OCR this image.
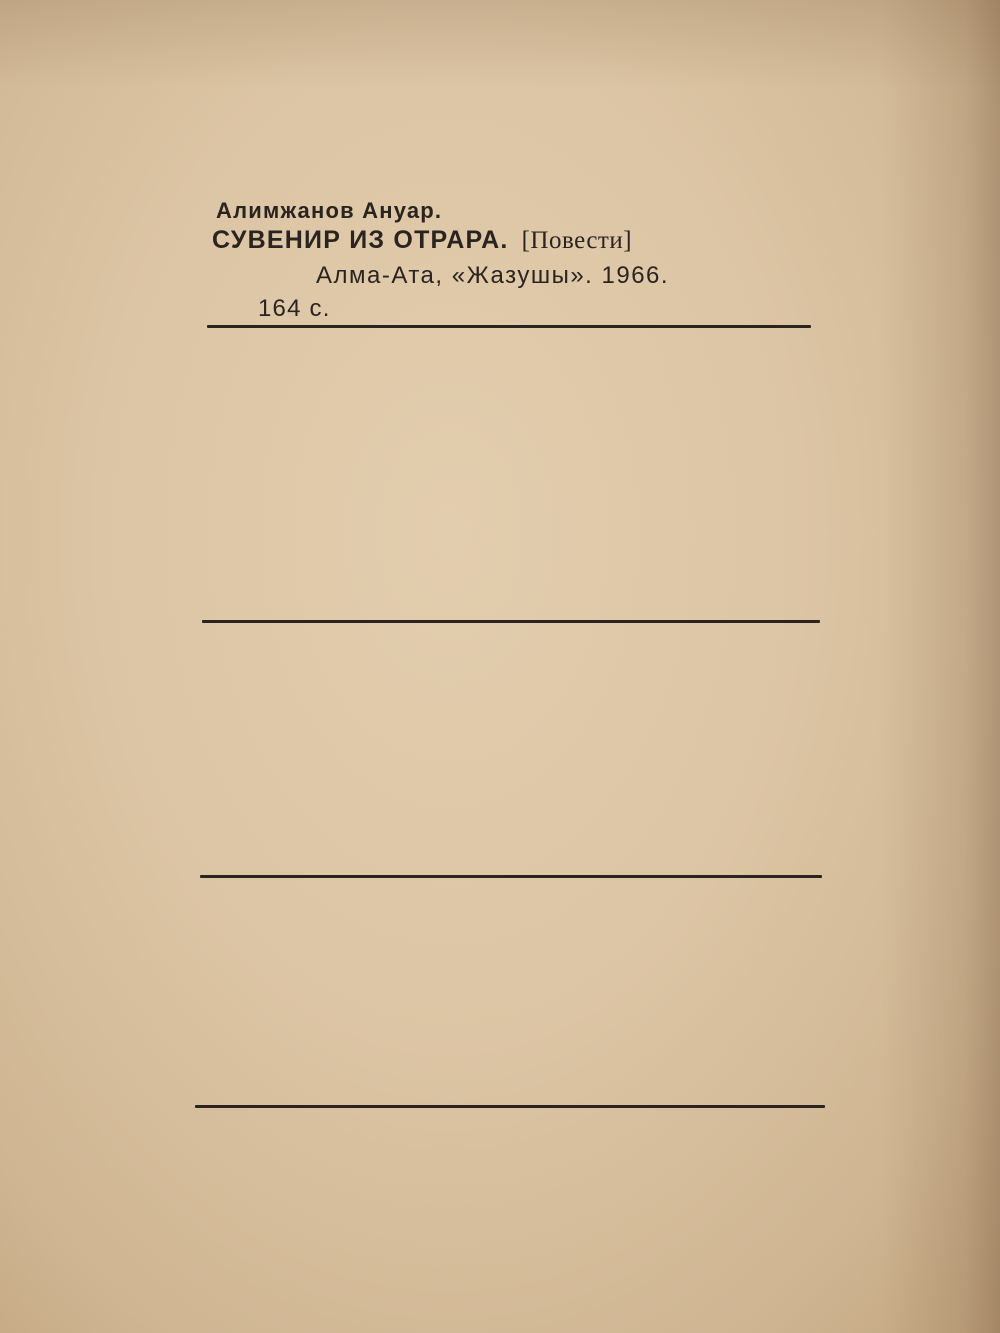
Алимжанов Ануар.
СУВЕНИР ИЗ ОТРАРА. [Повести]
Алма-Ата, «Жазушы». 1966.
164 с.
